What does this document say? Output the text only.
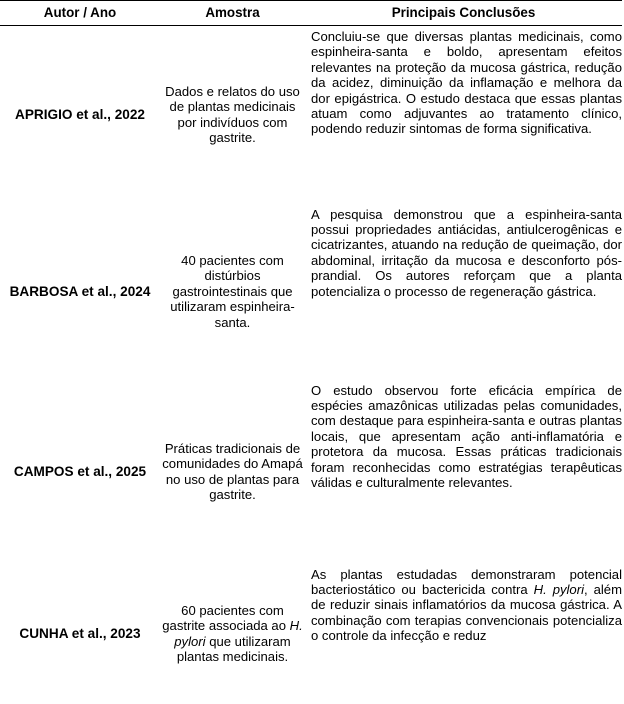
Autor / Ano	Amostra	Principais Conclusões
APRIGIO et al., 2022	Dados e relatos do uso de plantas medicinais por indivíduos com gastrite.	Concluiu-se que diversas plantas medicinais, como espinheira-santa e boldo, apresentam efeitos relevantes na proteção da mucosa gástrica, redução da acidez, diminuição da inflamação e melhora da dor epigástrica. O estudo destaca que essas plantas atuam como adjuvantes ao tratamento clínico, podendo reduzir sintomas de forma significativa.
BARBOSA et al., 2024	40 pacientes com distúrbios gastrointestinais que utilizaram espinheira-santa.	A pesquisa demonstrou que a espinheira-santa possui propriedades antiácidas, antiulcerogênicas e cicatrizantes, atuando na redução de queimação, dor abdominal, irritação da mucosa e desconforto pós-prandial. Os autores reforçam que a planta potencializa o processo de regeneração gástrica.
CAMPOS et al., 2025	Práticas tradicionais de comunidades do Amapá no uso de plantas para gastrite.	O estudo observou forte eficácia empírica de espécies amazônicas utilizadas pelas comunidades, com destaque para espinheira-santa e outras plantas locais, que apresentam ação anti-inflamatória e protetora da mucosa. Essas práticas tradicionais foram reconhecidas como estratégias terapêuticas válidas e culturalmente relevantes.
CUNHA et al., 2023	60 pacientes com gastrite associada ao H. pylori que utilizaram plantas medicinais.	As plantas estudadas demonstraram potencial bacteriostático ou bactericida contra H. pylori, além de reduzir sinais inflamatórios da mucosa gástrica. A combinação com terapias convencionais potencializa o controle da infecção e reduz
